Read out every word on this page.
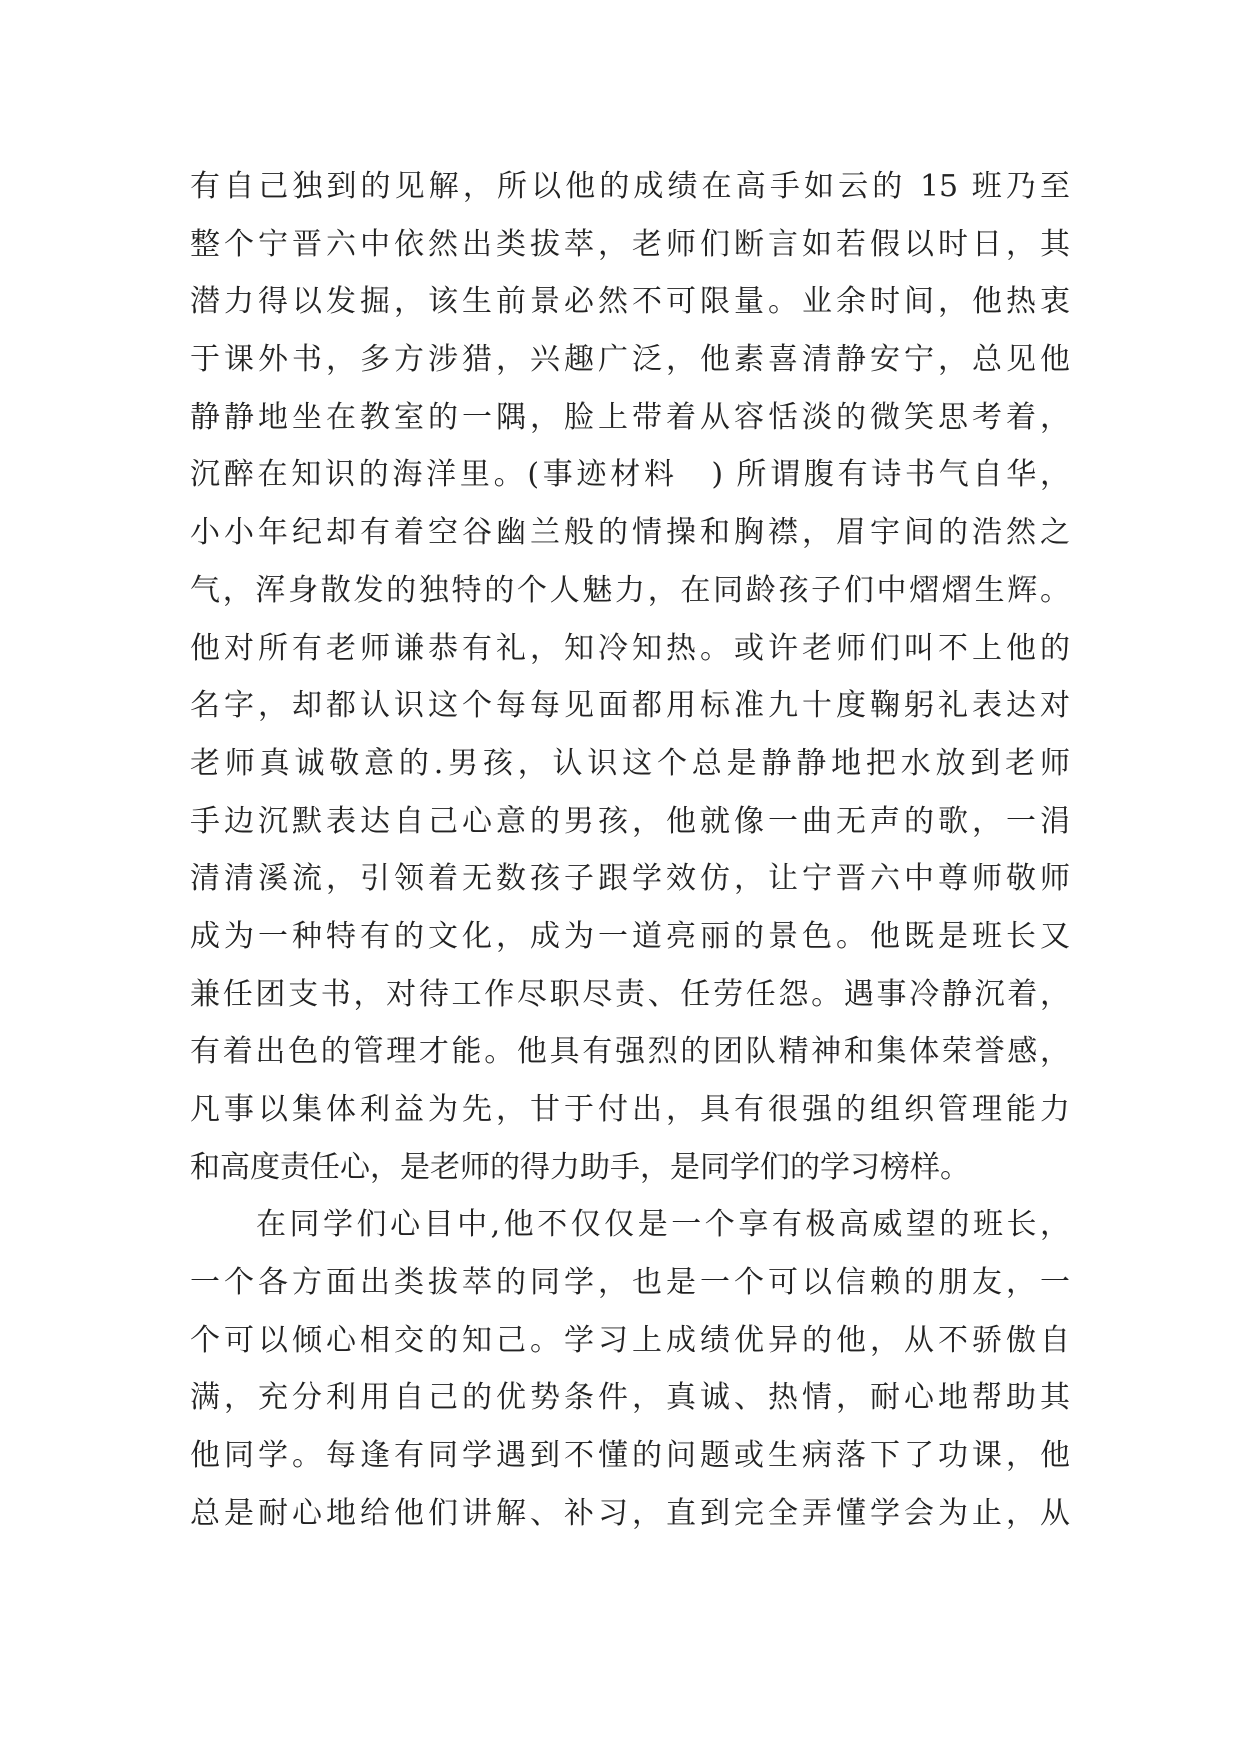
有自己独到的见解，所以他的成绩在高手如云的 15 班乃至
整个宁晋六中依然出类拔萃，老师们断言如若假以时日，其
潜力得以发掘，该生前景必然不可限量。业余时间，他热衷
于课外书，多方涉猎，兴趣广泛，他素喜清静安宁，总见他
静静地坐在教室的一隅，脸上带着从容恬淡的微笑思考着，
沉醉在知识的海洋里。(事迹材料　) 所谓腹有诗书气自华，
小小年纪却有着空谷幽兰般的情操和胸襟，眉宇间的浩然之
气，浑身散发的独特的个人魅力，在同龄孩子们中熠熠生辉。
他对所有老师谦恭有礼，知冷知热。或许老师们叫不上他的
名字，却都认识这个每每见面都用标准九十度鞠躬礼表达对
老师真诚敬意的.男孩，认识这个总是静静地把水放到老师
手边沉默表达自己心意的男孩，他就像一曲无声的歌，一涓
清清溪流，引领着无数孩子跟学效仿，让宁晋六中尊师敬师
成为一种特有的文化，成为一道亮丽的景色。他既是班长又
兼任团支书，对待工作尽职尽责、任劳任怨。遇事冷静沉着，
有着出色的管理才能。他具有强烈的团队精神和集体荣誉感，
凡事以集体利益为先，甘于付出，具有很强的组织管理能力
和高度责任心，是老师的得力助手，是同学们的学习榜样。
在同学们心目中,他不仅仅是一个享有极高威望的班长，
一个各方面出类拔萃的同学，也是一个可以信赖的朋友，一
个可以倾心相交的知己。学习上成绩优异的他，从不骄傲自
满，充分利用自己的优势条件，真诚、热情，耐心地帮助其
他同学。每逢有同学遇到不懂的问题或生病落下了功课，他
总是耐心地给他们讲解、补习，直到完全弄懂学会为止，从
